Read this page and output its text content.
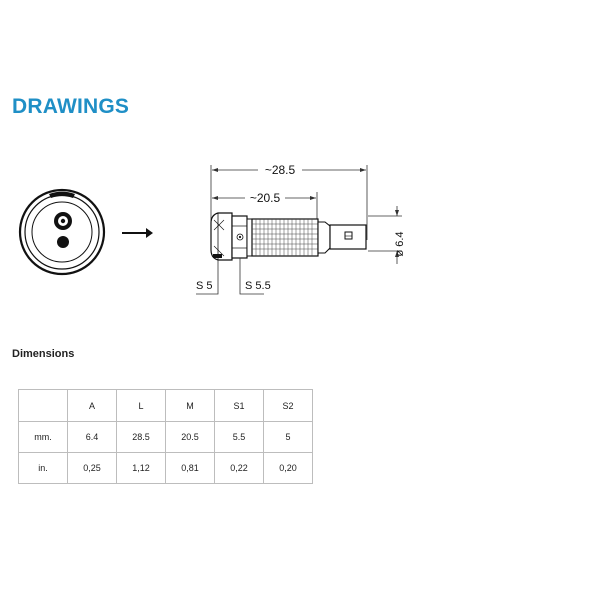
DRAWINGS
~28.5
~20.5
ø 6.4
S 5	S 5.5
Dimensions
	A	L	M	S1	S2
mm.	6.4	28.5	20.5	5.5	5
in.	0,25	1,12	0,81	0,22	0,20
